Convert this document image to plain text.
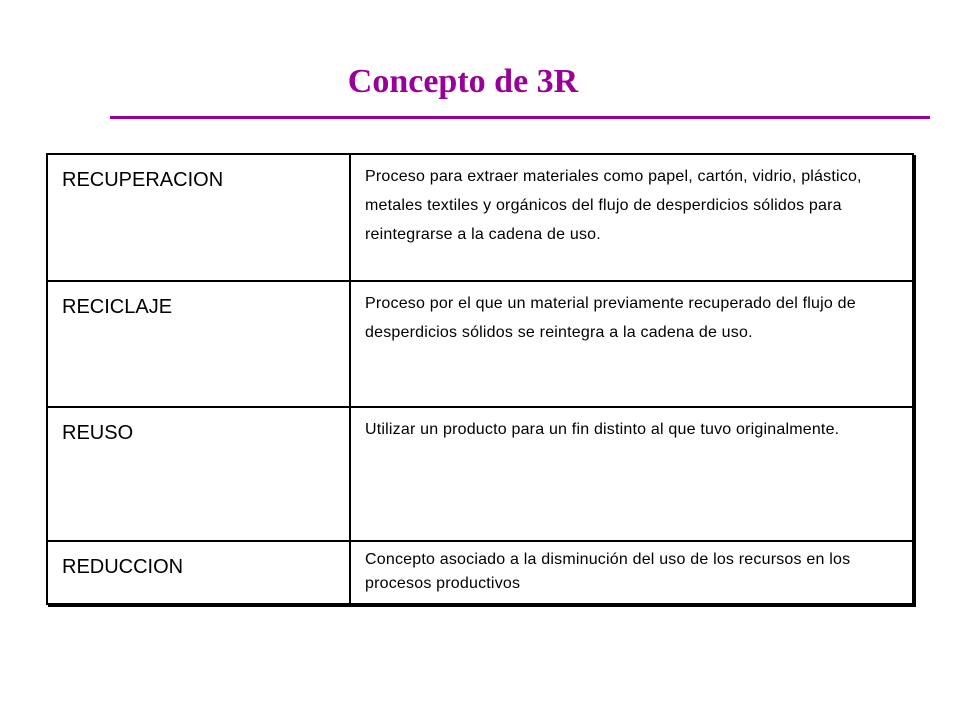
Concepto de 3R
RECUPERACION	Proceso para extraer materiales como papel, cartón, vidrio, plástico, metales textiles y orgánicos del flujo de desperdicios sólidos para reintegrarse a la cadena de uso.
RECICLAJE	Proceso por el que un material previamente recuperado del flujo de desperdicios sólidos se reintegra a la cadena de uso.
REUSO	Utilizar un producto para un fin distinto al que tuvo originalmente.
REDUCCION	Concepto asociado a la disminución del uso de los recursos en los procesos productivos
